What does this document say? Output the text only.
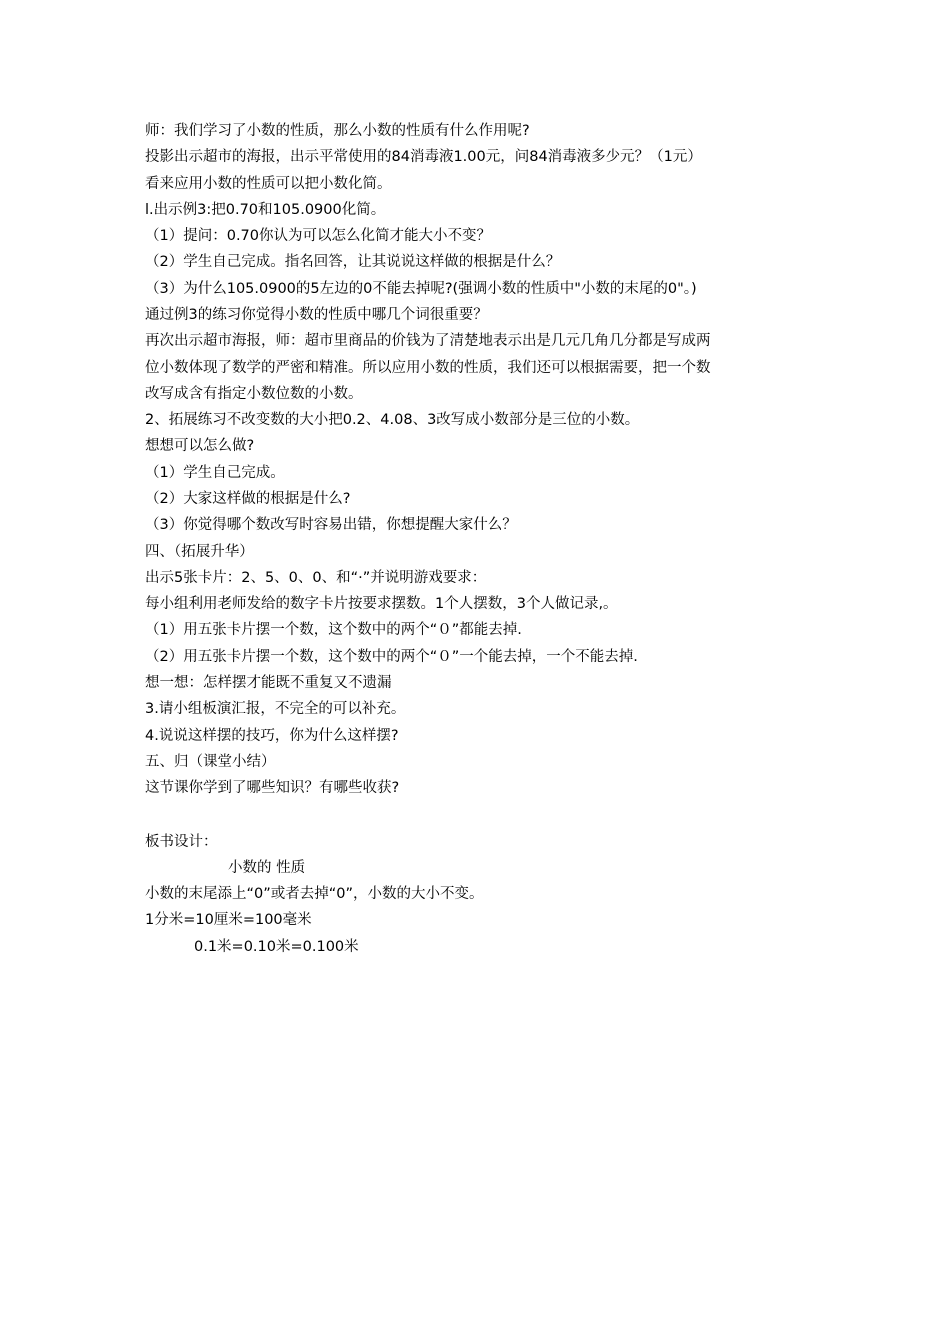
师：我们学习了小数的性质，那么小数的性质有什么作用呢?
投影出示超市的海报，出示平常使用的84消毒液1.00元，问84消毒液多少元？（1元）
看来应用小数的性质可以把小数化简。
l.出示例3:把0.70和105.0900化简。
（1）提问：0.70你认为可以怎么化简才能大小不变？
（2）学生自己完成。指名回答，让其说说这样做的根据是什么？
（3）为什么105.0900的5左边的0不能去掉呢?(强调小数的性质中"小数的末尾的0"。)
通过例3的练习你觉得小数的性质中哪几个词很重要？
再次出示超市海报，师：超市里商品的价钱为了清楚地表示出是几元几角几分都是写成两
位小数体现了数学的严密和精准。所以应用小数的性质，我们还可以根据需要，把一个数
改写成含有指定小数位数的小数。
2、拓展练习不改变数的大小把0.2、4.08、3改写成小数部分是三位的小数。
想想可以怎么做?
（1）学生自己完成。
（2）大家这样做的根据是什么?
（3）你觉得哪个数改写时容易出错，你想提醒大家什么？
四、（拓展升华）
出示5张卡片：2、5、0、0、和“·”并说明游戏要求：
每小组利用老师发给的数字卡片按要求摆数。1个人摆数，3个人做记录,。
（1）用五张卡片摆一个数，这个数中的两个“０”都能去掉.
（2）用五张卡片摆一个数，这个数中的两个“０”一个能去掉，一个不能去掉.
想一想：怎样摆才能既不重复又不遗漏
3.请小组板演汇报，不完全的可以补充。
4.说说这样摆的技巧，你为什么这样摆?
五、归（课堂小结）
这节课你学到了哪些知识？有哪些收获?
板书设计：
小数的 性质
小数的末尾添上“0”或者去掉“0”，小数的大小不变。
1分米=10厘米=100毫米
0.1米=0.10米=0.100米
